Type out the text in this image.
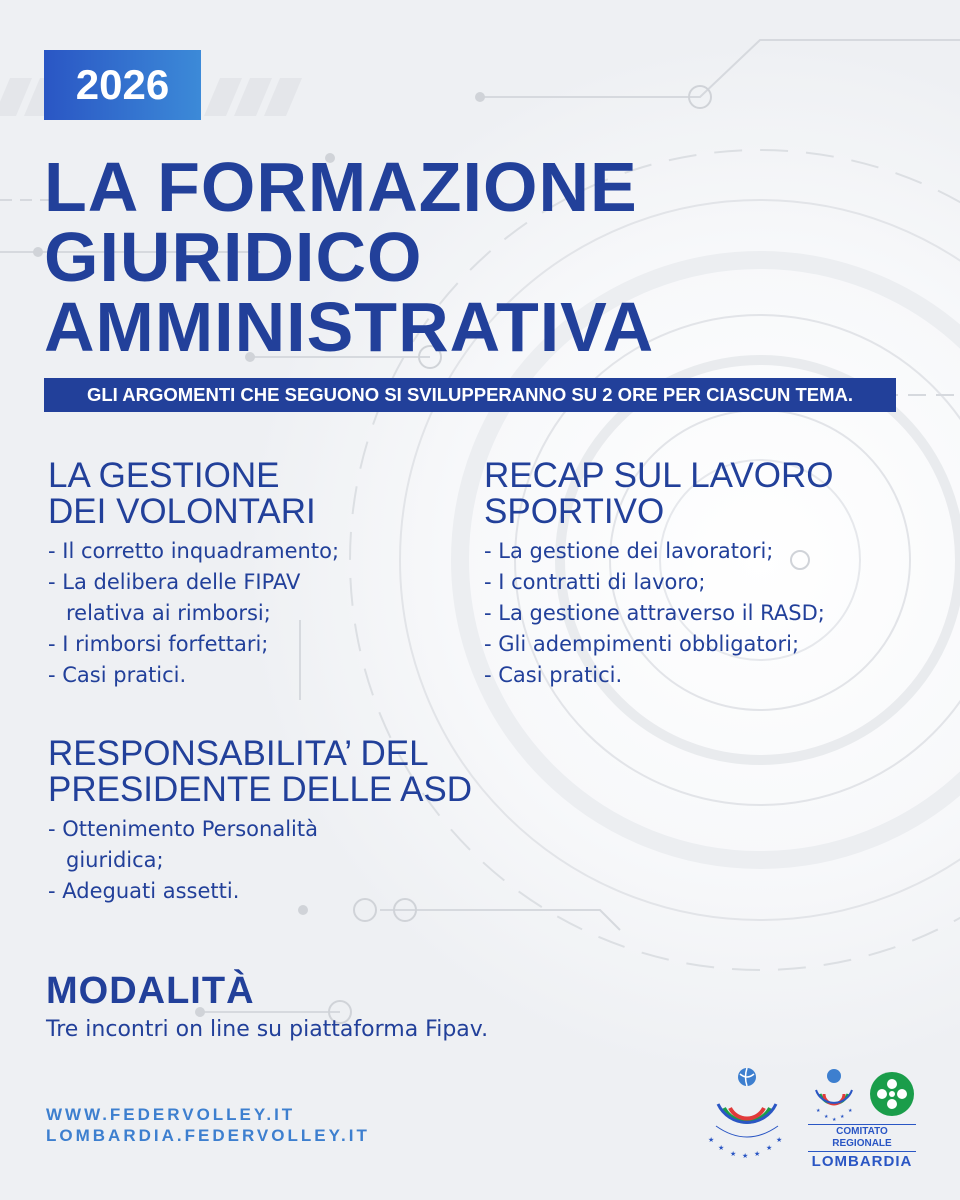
2026
LA FORMAZIONE
GIURIDICO
AMMINISTRATIVA
GLI ARGOMENTI CHE SEGUONO SI SVILUPPERANNO SU 2 ORE PER CIASCUN TEMA.
LA GESTIONE
DEI VOLONTARI
- Il corretto inquadramento;
- La delibera delle FIPAV
relativa ai rimborsi;
- I rimborsi forfettari;
- Casi pratici.
RECAP SUL LAVORO
SPORTIVO
- La gestione dei lavoratori;
- I contratti di lavoro;
- La gestione attraverso il RASD;
- Gli adempimenti obbligatori;
- Casi pratici.
RESPONSABILITA’ DEL
PRESIDENTE DELLE ASD
- Ottenimento Personalità
giuridica;
- Adeguati assetti.
MODALITÀ
Tre incontri on line su piattaforma Fipav.
WWW.FEDERVOLLEY.IT
LOMBARDIA.FEDERVOLLEY.IT	★
★
★ ★ ★
★
★
★
★ ★ ★
★
COMITATO REGIONALE
LOMBARDIA
